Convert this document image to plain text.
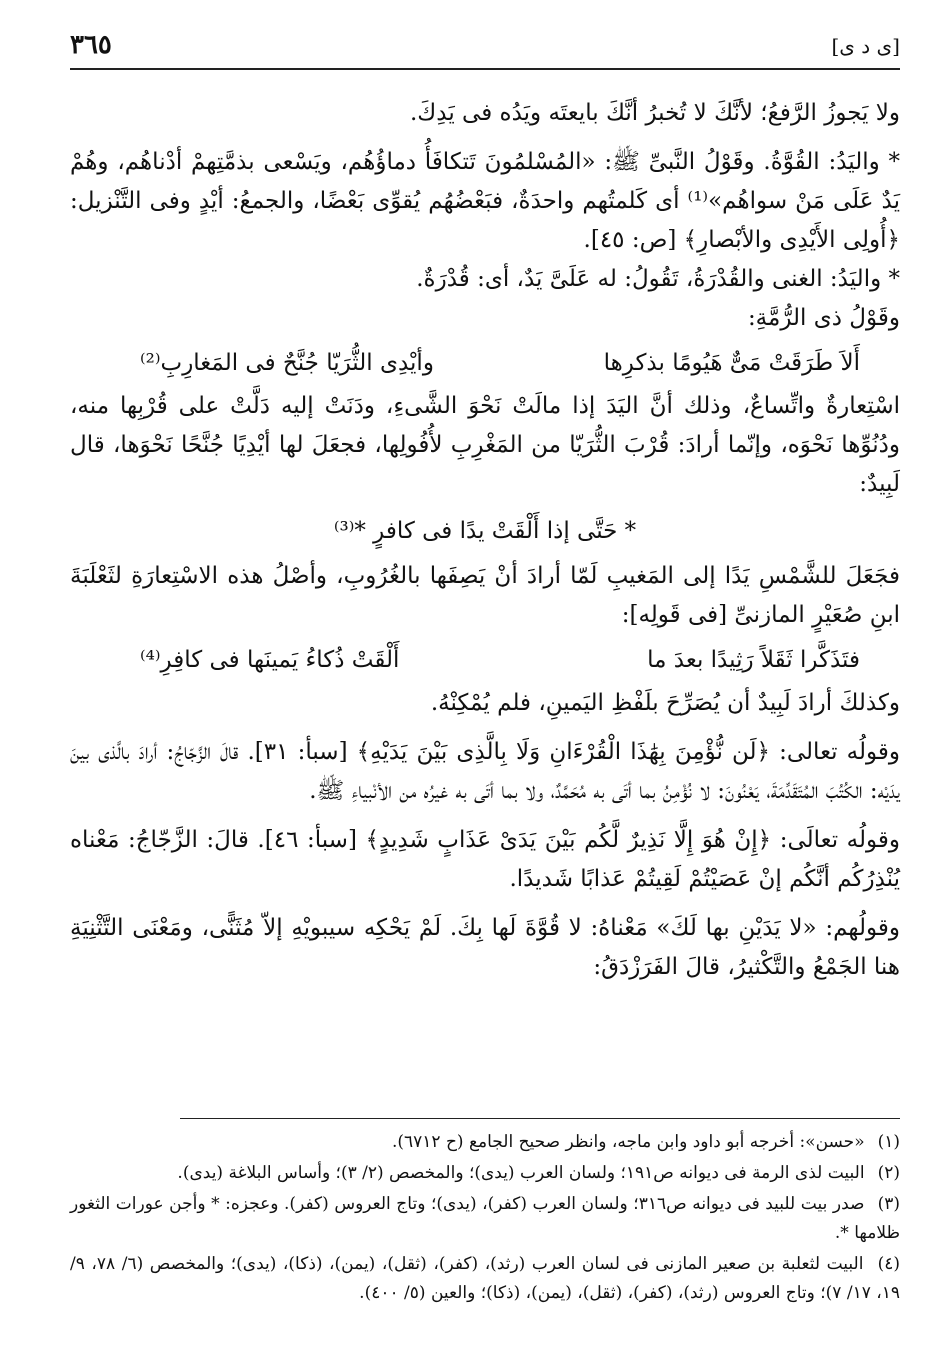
[ى د ى]
٣٦٥

ولا يَجوزُ الرَّفعُ؛ لأنَّكَ لا تُخبرُ أنَّكَ بايعتَه ويَدُه فى يَدِكَ.

* واليَدُ: القُوَّةُ. وقَوْلُ النَّبىِّ ﷺ: «المُسْلمُونَ تَتكافَأُ دماؤُهُم، ويَسْعى بذمَّتِهمْ أدْناهُم، وهُمْ يَدٌ عَلَى مَنْ سواهُم»⁽¹⁾ أى كَلمتُهم واحدَةٌ، فبَعْضُهُم يُقوِّى بَعْضًا، والجمعُ: أيْدٍ وفى التَّنْزيل: ﴿أُولِى الأَيْدِى والأبْصارِ﴾ [ص: ٤٥].

* واليَدُ: الغنى والقُدْرَةُ، تَقُولُ: له عَلَىَّ يَدٌ، أى: قُدْرَةٌ.

وقَوْلُ ذى الرُّمَّةِ:

أَلاَ طَرَقَتْ مَىٌّ هَيُومًا بذكرِها
وأيْدِى الثُّرَيّا جُنَّحٌ فى المَغارِبِ⁽²⁾

اسْتِعارةٌ واتِّساعٌ، وذلك أنَّ اليَدَ إذا مالَتْ نَحْوَ الشَّىءِ، ودَنَتْ إليه دَلَّتْ على قُرْبِها منه، ودُنُوِّها نَحْوَه، وإنّما أرادَ: قُرْبَ الثُّرَيّا من المَغْرِبِ لأُفُولِها، فجعَلَ لها أيْدِيًا جُنَّحًا نَحْوَها، قال لَبِيدٌ:

* حَتَّى إذا أَلْقَتْ يدًا فى كافرٍ *⁽³⁾

فجَعَلَ للشَّمْسِ يَدًا إلى المَغيبِ لَمّا أرادَ أنْ يَصِفَها بالغُرُوبِ، وأصْلُ هذه الاسْتِعارَةِ لثَعْلَبَةَ ابنِ صُعَيْرٍ المازنىِّ [فى قَولِه]:

فتَذَكَّرا ثَقَلاً رَثِيدًا بعدَ ما
أَلْقَتْ ذُكاءُ يَمينَها فى كافِرِ⁽⁴⁾

وكذلكَ أرادَ لَبِيدٌ أن يُصَرِّحَ بلَفْظِ اليَمينِ، فلم يُمْكِنْهُ.

وقولُه تعالى: ﴿لَن نُّؤْمِنَ بِهَٰذَا الْقُرْءَانِ وَلَا بِالَّذِى بَيْنَ يَدَيْهِ﴾ [سبأ: ٣١]. قالَ الزَّجّاجُ: أرادَ بالَّذى بينَ يدَيْه: الكُتُبَ المُتَقَدِّمَةَ، يَعْنُونَ: لا نُؤْمِنُ بما أتَى به مُحَمَّدٌ، ولا بما أتَى به غيرُه من الأنْبياءِ ﷺ.

وقولُه تعالَى: ﴿إِنْ هُوَ إِلَّا نَذِيرٌ لَّكُم بَيْنَ يَدَىْ عَذَابٍ شَدِيدٍ﴾ [سبأ: ٤٦]. قالَ: الزَّجّاجُ: مَعْناه يُنْذِرُكُم أنَّكُم إنْ عَصَيْتُمْ لَقِيتُمْ عَذابًا شَديدًا.

وقولُهم: «لا يَدَيْنِ بها لَكَ» مَعْناهُ: لا قُوَّةَ لَها بِكَ. لَمْ يَحْكِه سيبويْهِ إلاّ مُثَنًّى، ومَعْنَى التَّثْنِيَةِ هنا الجَمْعُ والتَّكْثيرُ، قالَ الفَرَزْدَقُ:

(١) «حسن»: أخرجه أبو داود وابن ماجه، وانظر صحيح الجامع (ح ٦٧١٢).

(٢) البيت لذى الرمة فى ديوانه ص١٩١؛ ولسان العرب (يدى)؛ والمخصص (٢/ ٣)؛ وأساس البلاغة (يدى).

(٣) صدر بيت للبيد فى ديوانه ص٣١٦؛ ولسان العرب (كفر)، (يدى)؛ وتاج العروس (كفر). وعجزه: * وأجن عورات الثغور ظلامها *.

(٤) البيت لثعلبة بن صعير المازنى فى لسان العرب (رثد)، (كفر)، (ثقل)، (يمن)، (ذكا)، (يدى)؛ والمخصص (٦/ ٧٨، ٩/ ١٩، ١٧/ ٧)؛ وتاج العروس (رثد)، (كفر)، (ثقل)، (يمن)، (ذكا)؛ والعين (٥/ ٤٠٠).
